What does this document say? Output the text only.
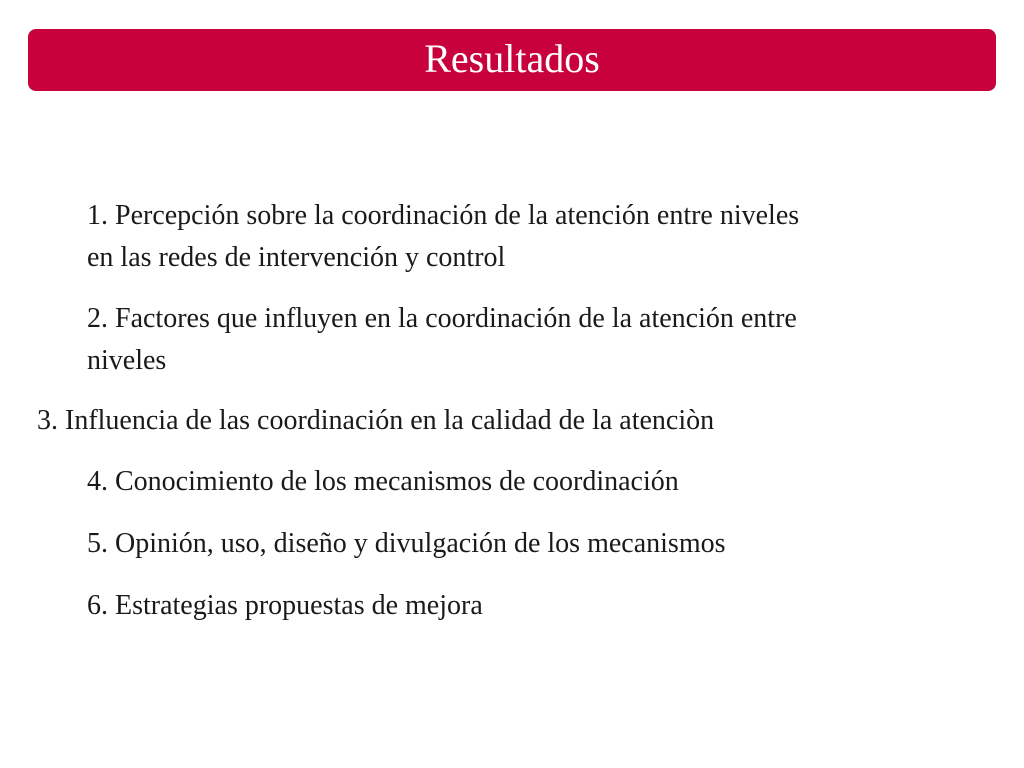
Resultados
1. Percepción sobre la coordinación de la atención entre niveles
en las redes de intervención y control
2. Factores que influyen en la coordinación de la atención entre
niveles
3. Influencia de las coordinación en la calidad de la atenciòn
4. Conocimiento de los mecanismos de coordinación
5. Opinión, uso, diseño y divulgación de los mecanismos
6. Estrategias propuestas de mejora
